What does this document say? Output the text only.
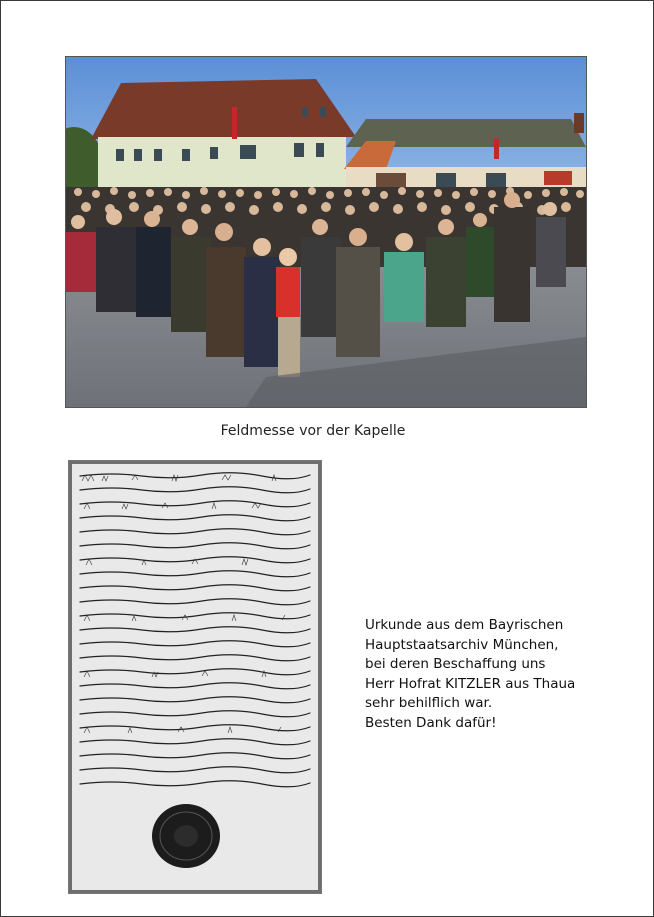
Feldmesse vor der Kapelle
Urkunde aus dem Bayrischen
Hauptstaatsarchiv München,
bei deren Beschaffung uns
Herr Hofrat KITZLER aus Thaua
sehr behilflich war.
Besten Dank dafür!
